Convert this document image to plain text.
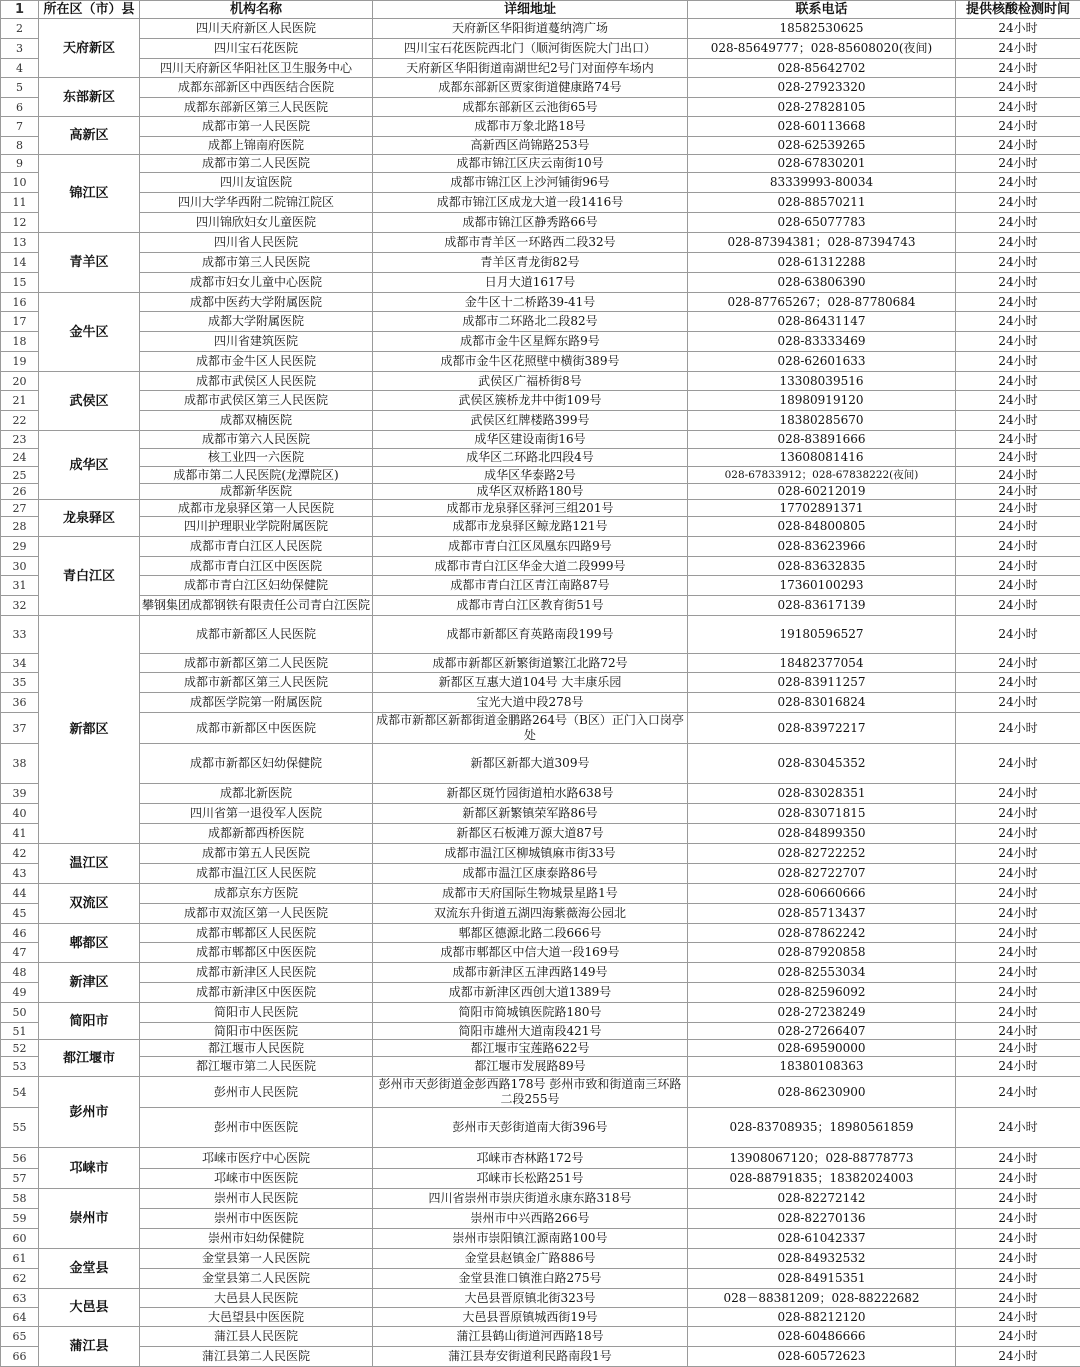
1	所在区（市）县	机构名称	详细地址	联系电话	提供核酸检测时间
2	天府新区	四川天府新区人民医院	天府新区华阳街道蔓纳湾广场	18582530625	24小时
3		四川宝石花医院	四川宝石花医院西北门（顺河街医院大门出口）	028-85649777；028-85608020(夜间)	24小时
4		四川天府新区华阳社区卫生服务中心	天府新区华阳街道南湖世纪2号门对面停车场内	028-85642702	24小时
5	东部新区	成都东部新区中西医结合医院	成都东部新区贾家街道健康路74号	028-27923320	24小时
6		成都东部新区第三人民医院	成都东部新区云池街65号	028-27828105	24小时
7	高新区	成都市第一人民医院	成都市万象北路18号	028-60113668	24小时
8		成都上锦南府医院	高新西区尚锦路253号	028-62539265	24小时
9	锦江区	成都市第二人民医院	成都市锦江区庆云南街10号	028-67830201	24小时
10		四川友谊医院	成都市锦江区上沙河铺街96号	83339993-80034	24小时
11		四川大学华西附二院锦江院区	成都市锦江区成龙大道一段1416号	028-88570211	24小时
12		四川锦欣妇女儿童医院	成都市锦江区静秀路66号	028-65077783	24小时
13	青羊区	四川省人民医院	成都市青羊区一环路西二段32号	028-87394381；028-87394743	24小时
14		成都市第三人民医院	青羊区青龙街82号	028-61312288	24小时
15		成都市妇女儿童中心医院	日月大道1617号	028-63806390	24小时
16	金牛区	成都中医药大学附属医院	金牛区十二桥路39-41号	028-87765267；028-87780684	24小时
17		成都大学附属医院	成都市二环路北二段82号	028-86431147	24小时
18		四川省建筑医院	成都市金牛区星辉东路9号	028-83333469	24小时
19		成都市金牛区人民医院	成都市金牛区花照壁中横街389号	028-62601633	24小时
20	武侯区	成都市武侯区人民医院	武侯区广福桥街8号	13308039516	24小时
21		成都市武侯区第三人民医院	武侯区簇桥龙井中街109号	18980919120	24小时
22		成都双楠医院	武侯区红牌楼路399号	18380285670	24小时
23	成华区	成都市第六人民医院	成华区建设南街16号	028-83891666	24小时
24		核工业四一六医院	成华区二环路北四段4号	13608081416	24小时
25		成都市第二人民医院(龙潭院区)	成华区华泰路2号	028-67833912；028-67838222(夜间)	24小时
26		成都新华医院	成华区双桥路180号	028-60212019	24小时
27	龙泉驿区	成都市龙泉驿区第一人民医院	成都市龙泉驿区驿河三组201号	17702891371	24小时
28		四川护理职业学院附属医院	成都市龙泉驿区鲸龙路121号	028-84800805	24小时
29	青白江区	成都市青白江区人民医院	成都市青白江区凤凰东四路9号	028-83623966	24小时
30		成都市青白江区中医医院	成都市青白江区华金大道二段999号	028-83632835	24小时
31		成都市青白江区妇幼保健院	成都市青白江区青江南路87号	17360100293	24小时
32		攀钢集团成都钢铁有限责任公司青白江医院	成都市青白江区教育街51号	028-83617139	24小时
33	新都区	成都市新都区人民医院	成都市新都区育英路南段199号	19180596527	24小时
34		成都市新都区第二人民医院	成都市新都区新繁街道繁江北路72号	18482377054	24小时
35		成都市新都区第三人民医院	新都区互惠大道104号 大丰康乐园	028-83911257	24小时
36		成都医学院第一附属医院	宝光大道中段278号	028-83016824	24小时
37		成都市新都区中医医院	成都市新都区新都街道金鹏路264号（B区）正门入口岗亭处	028-83972217	24小时
38		成都市新都区妇幼保健院	新都区新都大道309号	028-83045352	24小时
39		成都北新医院	新都区斑竹园街道柏水路638号	028-83028351	24小时
40		四川省第一退役军人医院	新都区新繁镇荣军路86号	028-83071815	24小时
41		成都新都西桥医院	新都区石板滩万源大道87号	028-84899350	24小时
42	温江区	成都市第五人民医院	成都市温江区柳城镇麻市街33号	028-82722252	24小时
43		成都市温江区人民医院	成都市温江区康泰路86号	028-82722707	24小时
44	双流区	成都京东方医院	成都市天府国际生物城景星路1号	028-60660666	24小时
45		成都市双流区第一人民医院	双流东升街道五湖四海紫薇海公园北	028-85713437	24小时
46	郫都区	成都市郫都区人民医院	郫都区德源北路二段666号	028-87862242	24小时
47		成都市郫都区中医医院	成都市郫都区中信大道一段169号	028-87920858	24小时
48	新津区	成都市新津区人民医院	成都市新津区五津西路149号	028-82553034	24小时
49		成都市新津区中医医院	成都市新津区西创大道1389号	028-82596092	24小时
50	简阳市	简阳市人民医院	简阳市简城镇医院路180号	028-27238249	24小时
51		简阳市中医医院	简阳市雄州大道南段421号	028-27266407	24小时
52	都江堰市	都江堰市人民医院	都江堰市宝莲路622号	028-69590000	24小时
53		都江堰市第二人民医院	都江堰市发展路89号	18380108363	24小时
54	彭州市	彭州市人民医院	彭州市天彭街道金彭西路178号 彭州市致和街道南三环路二段255号	028-86230900	24小时
55		彭州市中医医院	彭州市天彭街道南大街396号	028-83708935；18980561859	24小时
56	邛崃市	邛崃市医疗中心医院	邛崃市杏林路172号	13908067120；028-88778773	24小时
57		邛崃市中医医院	邛崃市长松路251号	028-88791835；18382024003	24小时
58	崇州市	崇州市人民医院	四川省崇州市崇庆街道永康东路318号	028-82272142	24小时
59		崇州市中医医院	崇州市中兴西路266号	028-82270136	24小时
60		崇州市妇幼保健院	崇州市崇阳镇江源南路100号	028-61042337	24小时
61	金堂县	金堂县第一人民医院	金堂县赵镇金广路886号	028-84932532	24小时
62		金堂县第二人民医院	金堂县淮口镇淮白路275号	028-84915351	24小时
63	大邑县	大邑县人民医院	大邑县晋原镇北街323号	028－88381209；028-88222682	24小时
64		大邑望县中医医院	大邑县晋原镇城西街19号	028-88212120	24小时
65	蒲江县	蒲江县人民医院	蒲江县鹤山街道河西路18号	028-60486666	24小时
66		蒲江县第二人民医院	蒲江县寿安街道利民路南段1号	028-60572623	24小时
